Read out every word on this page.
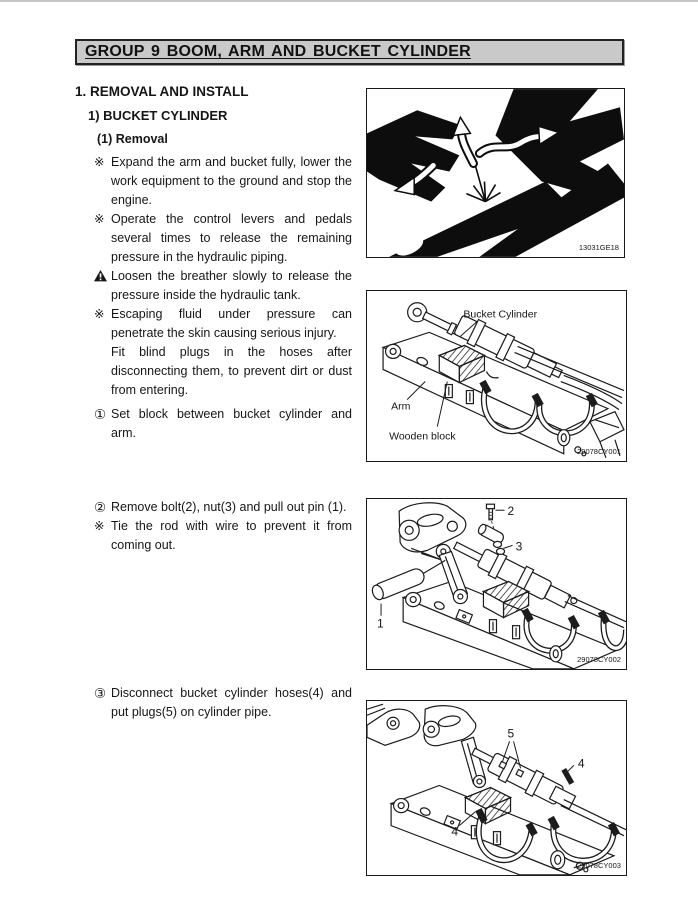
GROUP 9 BOOM, ARM AND BUCKET CYLINDER
1. REMOVAL AND INSTALL
1) BUCKET CYLINDER
(1) Removal
※ Expand the arm and bucket fully, lower the work equipment to the ground and stop the engine.
※ Operate the control levers and pedals several times to release the remaining pressure in the hydraulic piping.
Loosen the breather slowly to release the pressure inside the hydraulic tank.
※ Escaping fluid under pressure can penetrate the skin causing serious injury.
Fit blind plugs in the hoses after disconnecting them, to prevent dirt or dust from entering.
① Set block between bucket cylinder and arm.
② Remove bolt(2), nut(3) and pull out pin (1).
※ Tie the rod with wire to prevent it from coming out.
③ Disconnect bucket cylinder hoses(4) and put plugs(5) on cylinder pipe.
13031GE18
Bucket Cylinder
Arm
Wooden block
29078CY001
1
2
3
29078CY002
5
4
4
29078CY003
